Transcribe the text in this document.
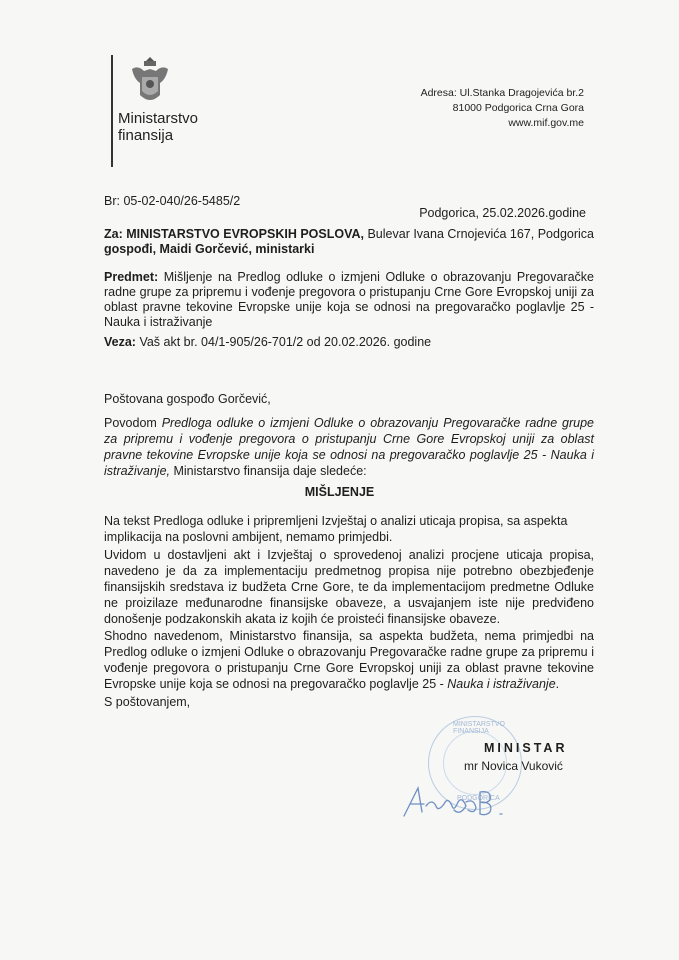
Ministarstvo
finansija
Adresa: Ul.Stanka Dragojevića br.2
81000 Podgorica Crna Gora
www.mif.gov.me
Br: 05-02-040/26-5485/2
Podgorica, 25.02.2026.godine
Za: MINISTARSTVO EVROPSKIH POSLOVA, Bulevar Ivana Crnojevića 167, Podgorica
gospođi, Maidi Gorčević, ministarki
Predmet: Mišljenje na Predlog odluke o izmjeni Odluke o obrazovanju Pregovaračke radne grupe za pripremu i vođenje pregovora o pristupanju Crne Gore Evropskoj uniji za oblast pravne tekovine Evropske unije koja se odnosi na pregovaračko poglavlje 25 - Nauka i istraživanje
Veza: Vaš akt br. 04/1-905/26-701/2 od 20.02.2026. godine
Poštovana gospođo Gorčević,
Povodom Predloga odluke o izmjeni Odluke o obrazovanju Pregovaračke radne grupe za pripremu i vođenje pregovora o pristupanju Crne Gore Evropskoj uniji za oblast pravne tekovine Evropske unije koja se odnosi na pregovaračko poglavlje 25 - Nauka i istraživanje, Ministarstvo finansija daje sledeće:
MIŠLJENJE
Na tekst Predloga odluke i pripremljeni Izvještaj o analizi uticaja propisa, sa aspekta implikacija na poslovni ambijent, nemamo primjedbi.
Uvidom u dostavljeni akt i Izvještaj o sprovedenoj analizi procjene uticaja propisa, navedeno je da za implementaciju predmetnog propisa nije potrebno obezbjeđenje finansijskih sredstava iz budžeta Crne Gore, te da implementacijom predmetne Odluke ne proizilaze međunarodne finansijske obaveze, a usvajanjem iste nije predviđeno donošenje podzakonskih akata iz kojih će proisteći finansijske obaveze.
Shodno navedenom, Ministarstvo finansija, sa aspekta budžeta, nema primjedbi na Predlog odluke o izmjeni Odluke o obrazovanju Pregovaračke radne grupe za pripremu i vođenje pregovora o pristupanju Crne Gore Evropskoj uniji za oblast pravne tekovine Evropske unije koja se odnosi na pregovaračko poglavlje 25 - Nauka i istraživanje.
S poštovanjem,
MINISTARSTVO FINANSIJA
PODGORICA
MINISTAR
mr Novica Vuković
